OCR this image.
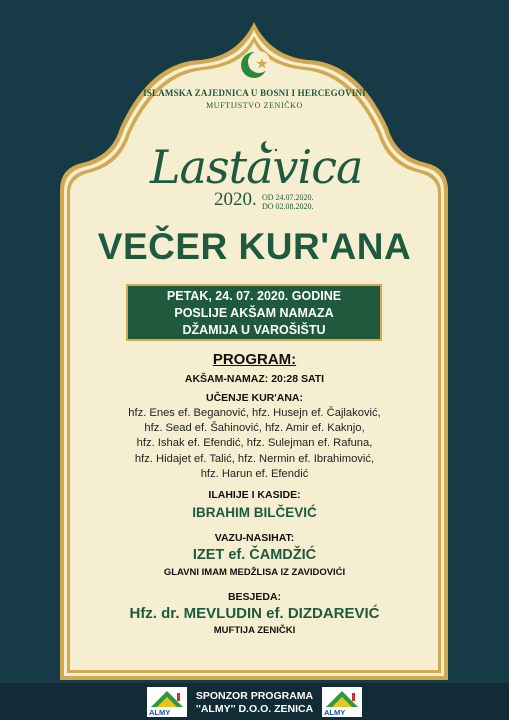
ISLAMSKA ZAJEDNICA U BOSNI I HERCEGOVINI
MUFTIJSTVO ZENIČKO
Lastavica
2020. OD 24.07.2020.
DO 02.08.2020.
VEČER KUR'ANA
PETAK, 24. 07. 2020. GODINE
POSLIJE AKŠAM NAMAZA
DŽAMIJA U VAROŠIŠTU
PROGRAM:
AKŠAM-NAMAZ: 20:28 SATI
UČENJE KUR'ANA:
hfz. Enes ef. Beganović, hfz. Husejn ef. Čajlaković,
hfz. Sead ef. Šahinović, hfz. Amir ef. Kaknjo,
hfz. Ishak ef. Efendić, hfz. Sulejman ef. Rafuna,
hfz. Hidajet ef. Talić, hfz. Nermin ef. Ibrahimović,
hfz. Harun ef. Efendić
ILAHIJE I KASIDE:
IBRAHIM BILČEVIĆ
VAZU-NASIHAT:
IZET ef. ČAMDŽIĆ
GLAVNI IMAM MEDŽLISA IZ ZAVIDOVIĆI
BESJEDA:
Hfz. dr. MEVLUDIN ef. DIZDAREVIĆ
MUFTIJA ZENIČKI
ALMY	ALMY
SPONZOR PROGRAMA
''ALMY'' D.O.O. ZENICA
